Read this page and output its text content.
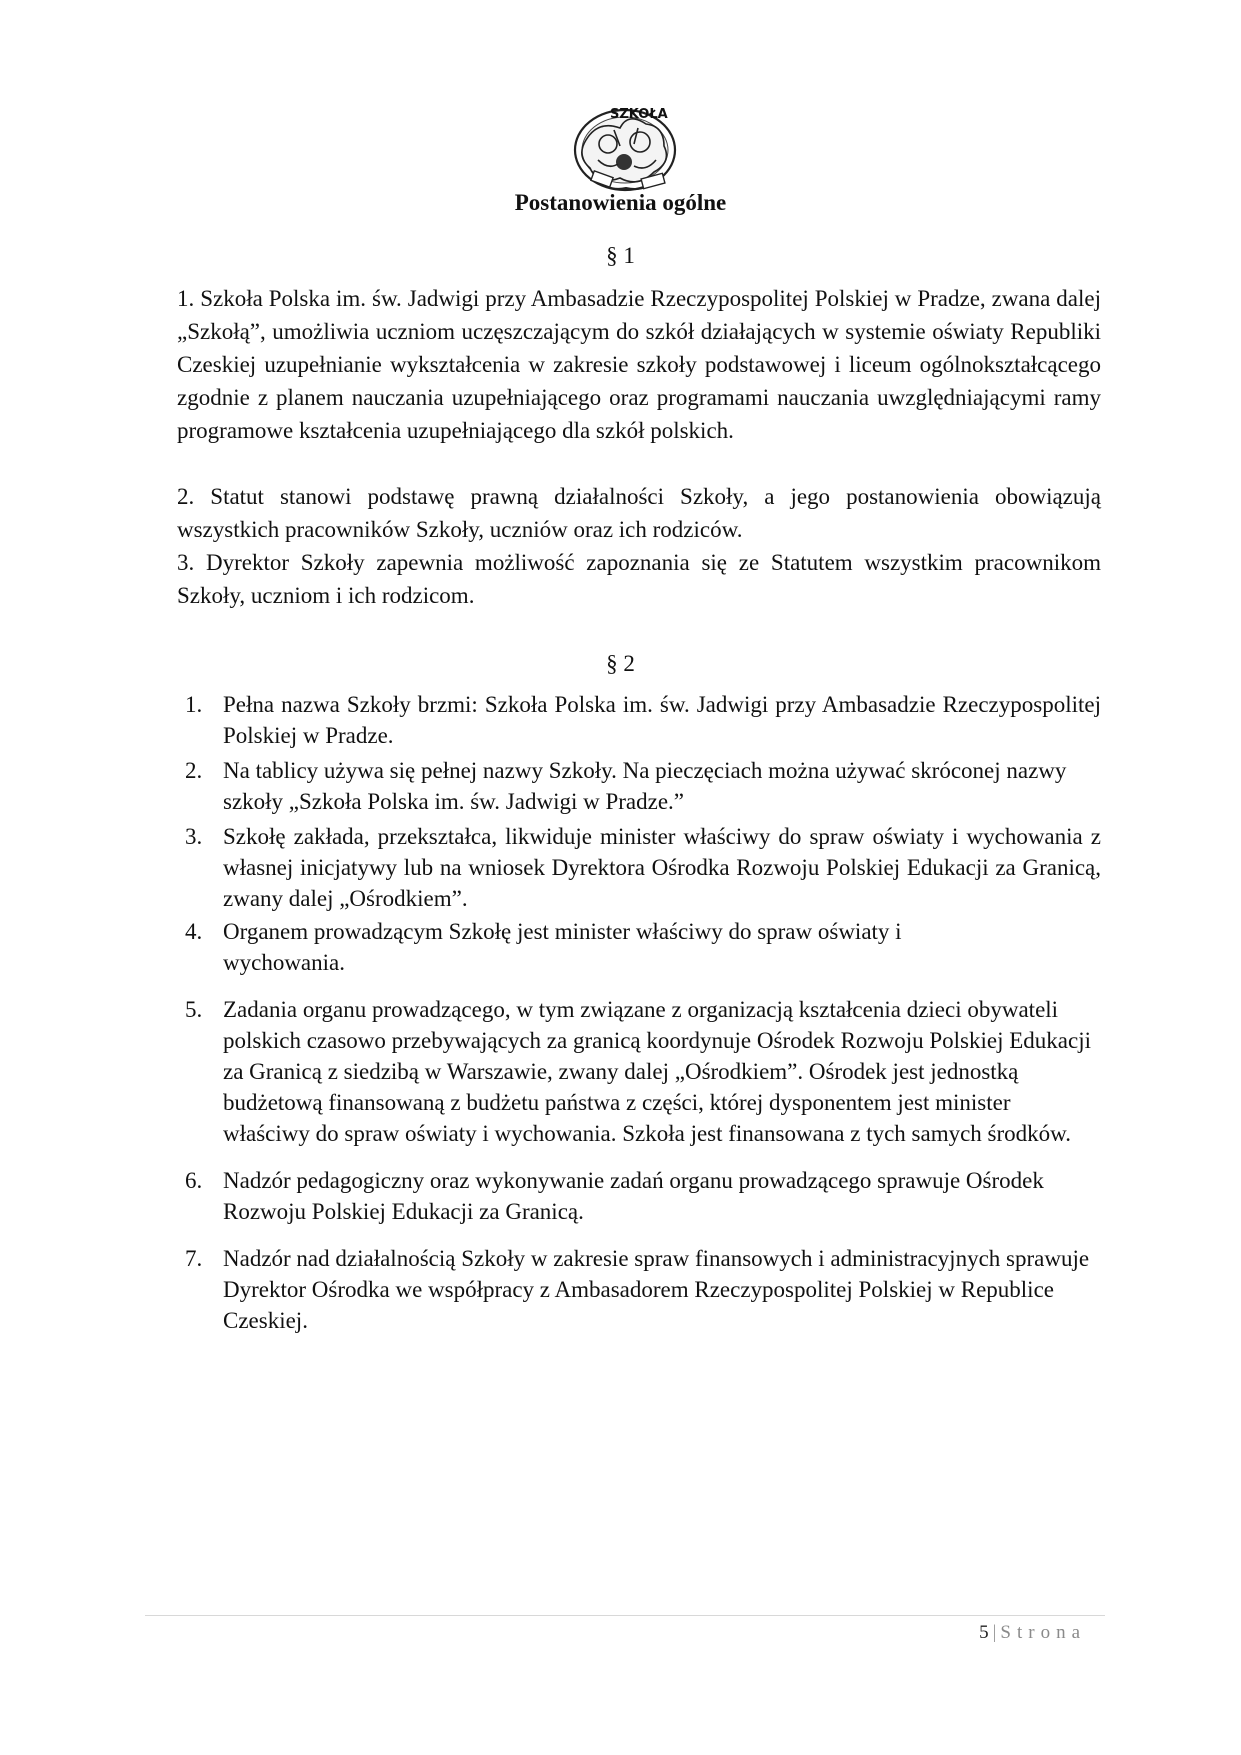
SZKOŁA
Postanowienia ogólne
§ 1

1. Szkoła Polska im. św. Jadwigi przy Ambasadzie Rzeczypospolitej Polskiej w Pradze, zwana dalej „Szkołą”, umożliwia uczniom uczęszczającym do szkół działających w systemie oświaty Republiki Czeskiej uzupełnianie wykształcenia w zakresie szkoły podstawowej i liceum ogólnokształcącego zgodnie z planem nauczania uzupełniającego oraz programami nauczania uwzględniającymi ramy programowe kształcenia uzupełniającego dla szkół polskich.

2. Statut stanowi podstawę prawną działalności Szkoły, a jego postanowienia obowiązują wszystkich pracowników Szkoły, uczniów oraz ich rodziców.

3. Dyrektor Szkoły zapewnia możliwość zapoznania się ze Statutem wszystkim pracownikom Szkoły, uczniom i ich rodzicom.

§ 2
1. Pełna nazwa Szkoły brzmi: Szkoła Polska im. św. Jadwigi przy Ambasadzie Rzeczypospolitej Polskiej w Pradze.
2. Na tablicy używa się pełnej nazwy Szkoły. Na pieczęciach można używać skróconej nazwy szkoły „Szkoła Polska im. św. Jadwigi w Pradze.”
3. Szkołę zakłada, przekształca, likwiduje minister właściwy do spraw oświaty i wychowania z własnej inicjatywy lub na wniosek Dyrektora Ośrodka Rozwoju Polskiej Edukacji za Granicą, zwany dalej „Ośrodkiem”.
4. Organem prowadzącym Szkołę jest minister właściwy do spraw oświaty i wychowania.
5. Zadania organu prowadzącego, w tym związane z organizacją kształcenia dzieci obywateli polskich czasowo przebywających za granicą koordynuje Ośrodek Rozwoju Polskiej Edukacji za Granicą z siedzibą w Warszawie, zwany dalej „Ośrodkiem”. Ośrodek jest jednostką budżetową finansowaną z budżetu państwa z części, której dysponentem jest minister właściwy do spraw oświaty i wychowania. Szkoła jest finansowana z tych samych środków.
6. Nadzór pedagogiczny oraz wykonywanie zadań organu prowadzącego sprawuje Ośrodek Rozwoju Polskiej Edukacji za Granicą.
7. Nadzór nad działalnością Szkoły w zakresie spraw finansowych i administracyjnych sprawuje Dyrektor Ośrodka we współpracy z Ambasadorem Rzeczypospolitej Polskiej w Republice Czeskiej.
5 | Strona
